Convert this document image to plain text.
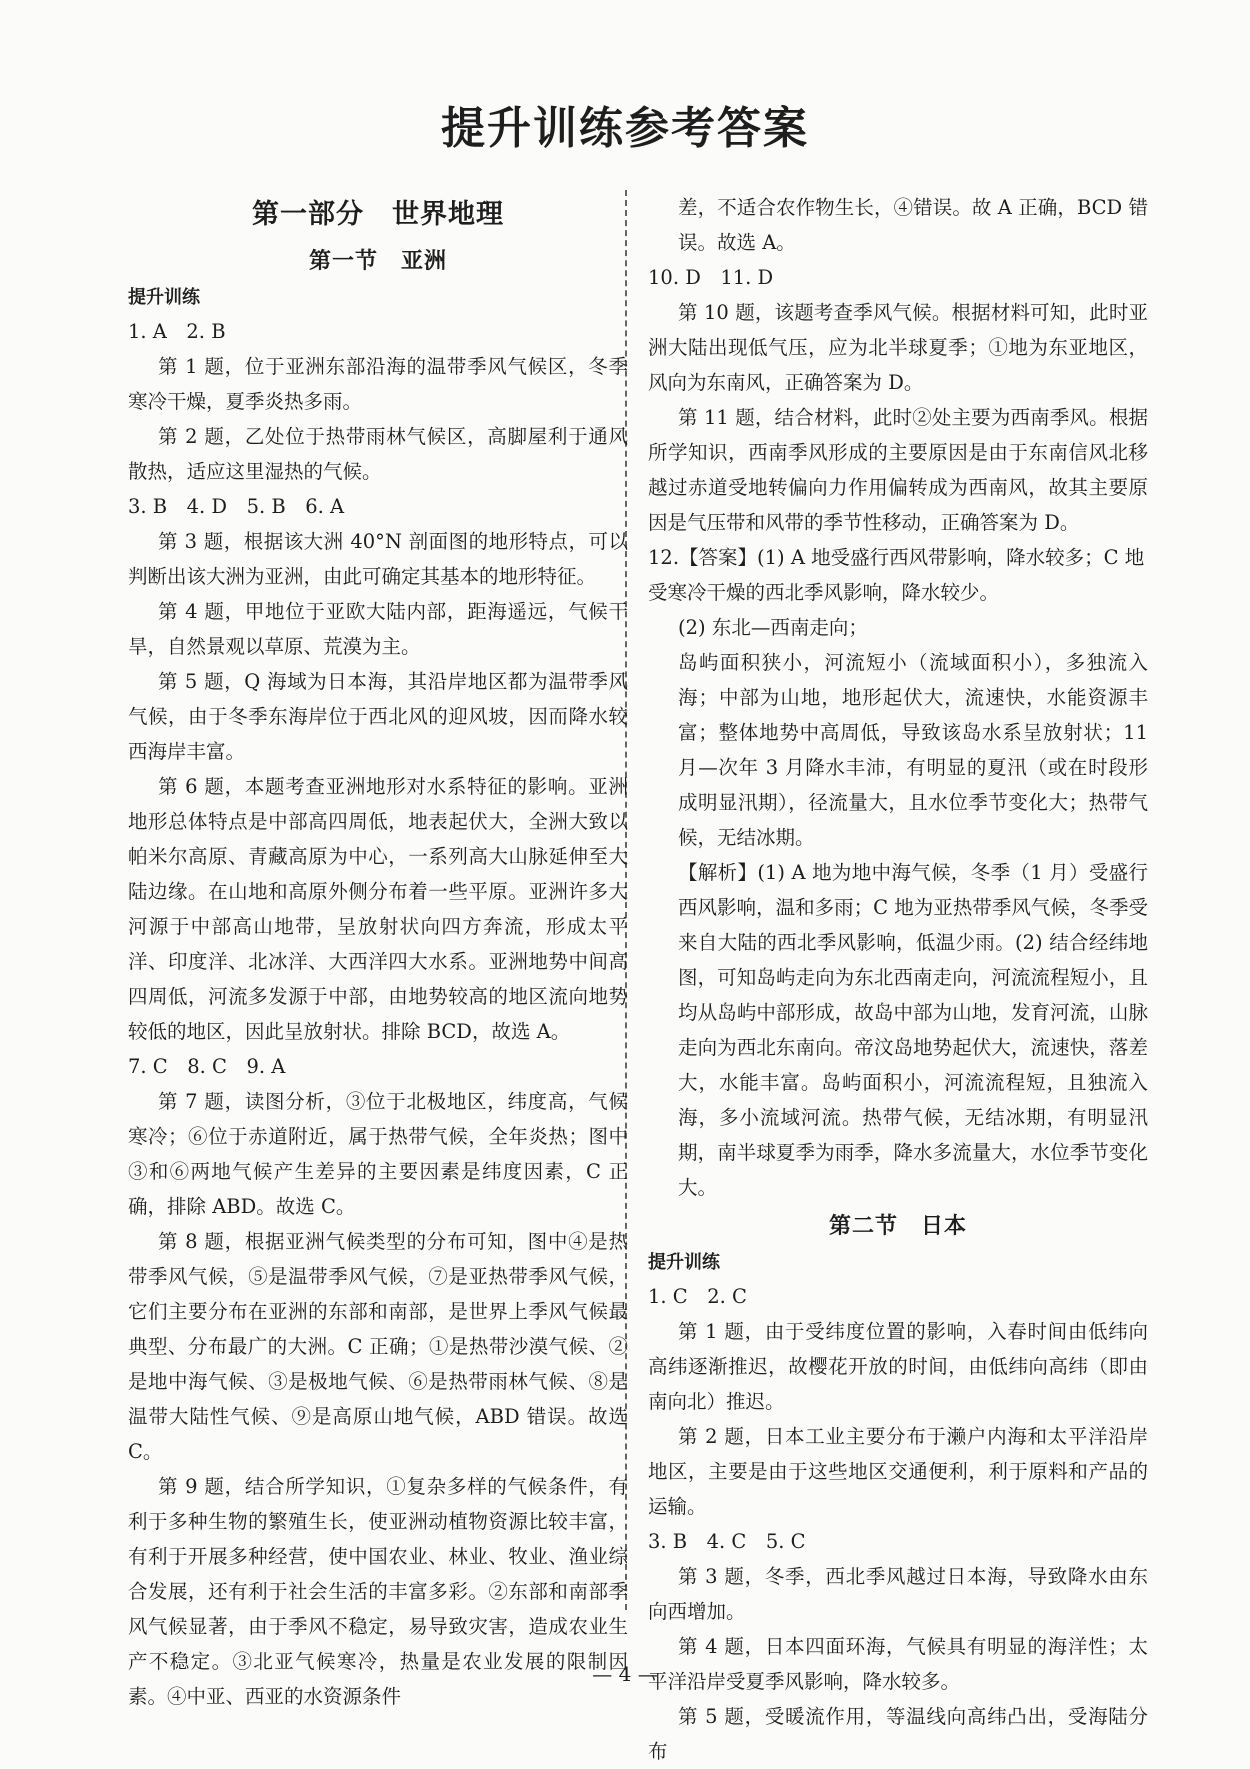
提升训练参考答案
第一部分　世界地理
第一节　亚洲
提升训练
1. A　2. B
第 1 题，位于亚洲东部沿海的温带季风气候区，冬季寒冷干燥，夏季炎热多雨。
第 2 题，乙处位于热带雨林气候区，高脚屋利于通风散热，适应这里湿热的气候。
3. B　4. D　5. B　6. A
第 3 题，根据该大洲 40°N 剖面图的地形特点，可以判断出该大洲为亚洲，由此可确定其基本的地形特征。
第 4 题，甲地位于亚欧大陆内部，距海遥远，气候干旱，自然景观以草原、荒漠为主。
第 5 题，Q 海域为日本海，其沿岸地区都为温带季风气候，由于冬季东海岸位于西北风的迎风坡，因而降水较西海岸丰富。
第 6 题，本题考查亚洲地形对水系特征的影响。亚洲地形总体特点是中部高四周低，地表起伏大，全洲大致以帕米尔高原、青藏高原为中心，一系列高大山脉延伸至大陆边缘。在山地和高原外侧分布着一些平原。亚洲许多大河源于中部高山地带，呈放射状向四方奔流，形成太平洋、印度洋、北冰洋、大西洋四大水系。亚洲地势中间高四周低，河流多发源于中部，由地势较高的地区流向地势较低的地区，因此呈放射状。排除 BCD，故选 A。
7. C　8. C　9. A
第 7 题，读图分析，③位于北极地区，纬度高，气候寒冷；⑥位于赤道附近，属于热带气候，全年炎热；图中③和⑥两地气候产生差异的主要因素是纬度因素，C 正确，排除 ABD。故选 C。
第 8 题，根据亚洲气候类型的分布可知，图中④是热带季风气候，⑤是温带季风气候，⑦是亚热带季风气候，它们主要分布在亚洲的东部和南部，是世界上季风气候最典型、分布最广的大洲。C 正确；①是热带沙漠气候、②是地中海气候、③是极地气候、⑥是热带雨林气候、⑧是温带大陆性气候、⑨是高原山地气候，ABD 错误。故选 C。
第 9 题，结合所学知识，①复杂多样的气候条件，有利于多种生物的繁殖生长，使亚洲动植物资源比较丰富，有利于开展多种经营，使中国农业、林业、牧业、渔业综合发展，还有利于社会生活的丰富多彩。②东部和南部季风气候显著，由于季风不稳定，易导致灾害，造成农业生产不稳定。③北亚气候寒冷，热量是农业发展的限制因素。④中亚、西亚的水资源条件
差，不适合农作物生长，④错误。故 A 正确，BCD 错误。故选 A。
10. D　11. D
第 10 题，该题考查季风气候。根据材料可知，此时亚洲大陆出现低气压，应为北半球夏季；①地为东亚地区，风向为东南风，正确答案为 D。
第 11 题，结合材料，此时②处主要为西南季风。根据所学知识，西南季风形成的主要原因是由于东南信风北移越过赤道受地转偏向力作用偏转成为西南风，故其主要原因是气压带和风带的季节性移动，正确答案为 D。
12.【答案】(1) A 地受盛行西风带影响，降水较多；C 地受寒冷干燥的西北季风影响，降水较少。
(2) 东北—西南走向；
岛屿面积狭小，河流短小（流域面积小），多独流入海；中部为山地，地形起伏大，流速快，水能资源丰富；整体地势中高周低，导致该岛水系呈放射状；11 月—次年 3 月降水丰沛，有明显的夏汛（或在时段形成明显汛期），径流量大，且水位季节变化大；热带气候，无结冰期。
【解析】(1) A 地为地中海气候，冬季（1 月）受盛行西风影响，温和多雨；C 地为亚热带季风气候，冬季受来自大陆的西北季风影响，低温少雨。(2) 结合经纬地图，可知岛屿走向为东北西南走向，河流流程短小，且均从岛屿中部形成，故岛中部为山地，发育河流，山脉走向为西北东南向。帝汶岛地势起伏大，流速快，落差大，水能丰富。岛屿面积小，河流流程短，且独流入海，多小流域河流。热带气候，无结冰期，有明显汛期，南半球夏季为雨季，降水多流量大，水位季节变化大。
第二节　日本
提升训练
1. C　2. C
第 1 题，由于受纬度位置的影响，入春时间由低纬向高纬逐渐推迟，故樱花开放的时间，由低纬向高纬（即由南向北）推迟。
第 2 题，日本工业主要分布于濑户内海和太平洋沿岸地区，主要是由于这些地区交通便利，利于原料和产品的运输。
3. B　4. C　5. C
第 3 题，冬季，西北季风越过日本海，导致降水由东向西增加。
第 4 题，日本四面环海，气候具有明显的海洋性；太平洋沿岸受夏季风影响，降水较多。
第 5 题，受暖流作用，等温线向高纬凸出，受海陆分布
— 4 —
